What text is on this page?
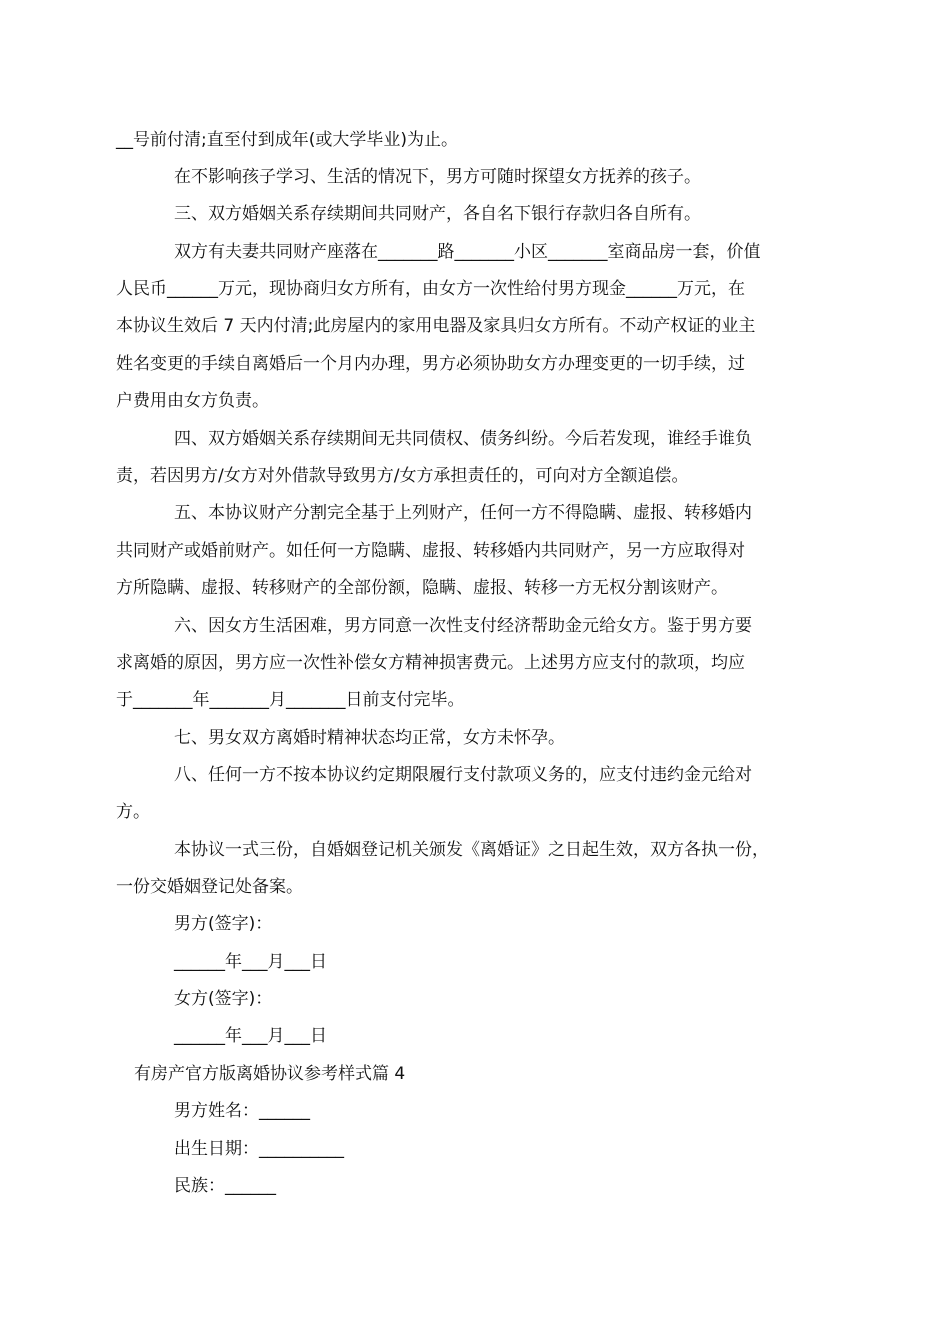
__号前付清;直至付到成年(或大学毕业)为止。
在不影响孩子学习、生活的情况下，男方可随时探望女方抚养的孩子。
三、双方婚姻关系存续期间共同财产，各自名下银行存款归各自所有。
双方有夫妻共同财产座落在_______路_______小区_______室商品房一套，价值
人民币______万元，现协商归女方所有，由女方一次性给付男方现金______万元，在
本协议生效后 7 天内付清;此房屋内的家用电器及家具归女方所有。不动产权证的业主
姓名变更的手续自离婚后一个月内办理，男方必须协助女方办理变更的一切手续，过
户费用由女方负责。
四、双方婚姻关系存续期间无共同债权、债务纠纷。今后若发现，谁经手谁负
责，若因男方/女方对外借款导致男方/女方承担责任的，可向对方全额追偿。
五、本协议财产分割完全基于上列财产，任何一方不得隐瞒、虚报、转移婚内
共同财产或婚前财产。如任何一方隐瞒、虚报、转移婚内共同财产，另一方应取得对
方所隐瞒、虚报、转移财产的全部份额，隐瞒、虚报、转移一方无权分割该财产。
六、因女方生活困难，男方同意一次性支付经济帮助金元给女方。鉴于男方要
求离婚的原因，男方应一次性补偿女方精神损害费元。上述男方应支付的款项，均应
于_______年_______月_______日前支付完毕。
七、男女双方离婚时精神状态均正常，女方未怀孕。
八、任何一方不按本协议约定期限履行支付款项义务的，应支付违约金元给对
方。
本协议一式三份，自婚姻登记机关颁发《离婚证》之日起生效，双方各执一份，
一份交婚姻登记处备案。
男方(签字)：
______年___月___日
女方(签字)：
______年___月___日
有房产官方版离婚协议参考样式篇 4
男方姓名：______
出生日期：__________
民族：______
